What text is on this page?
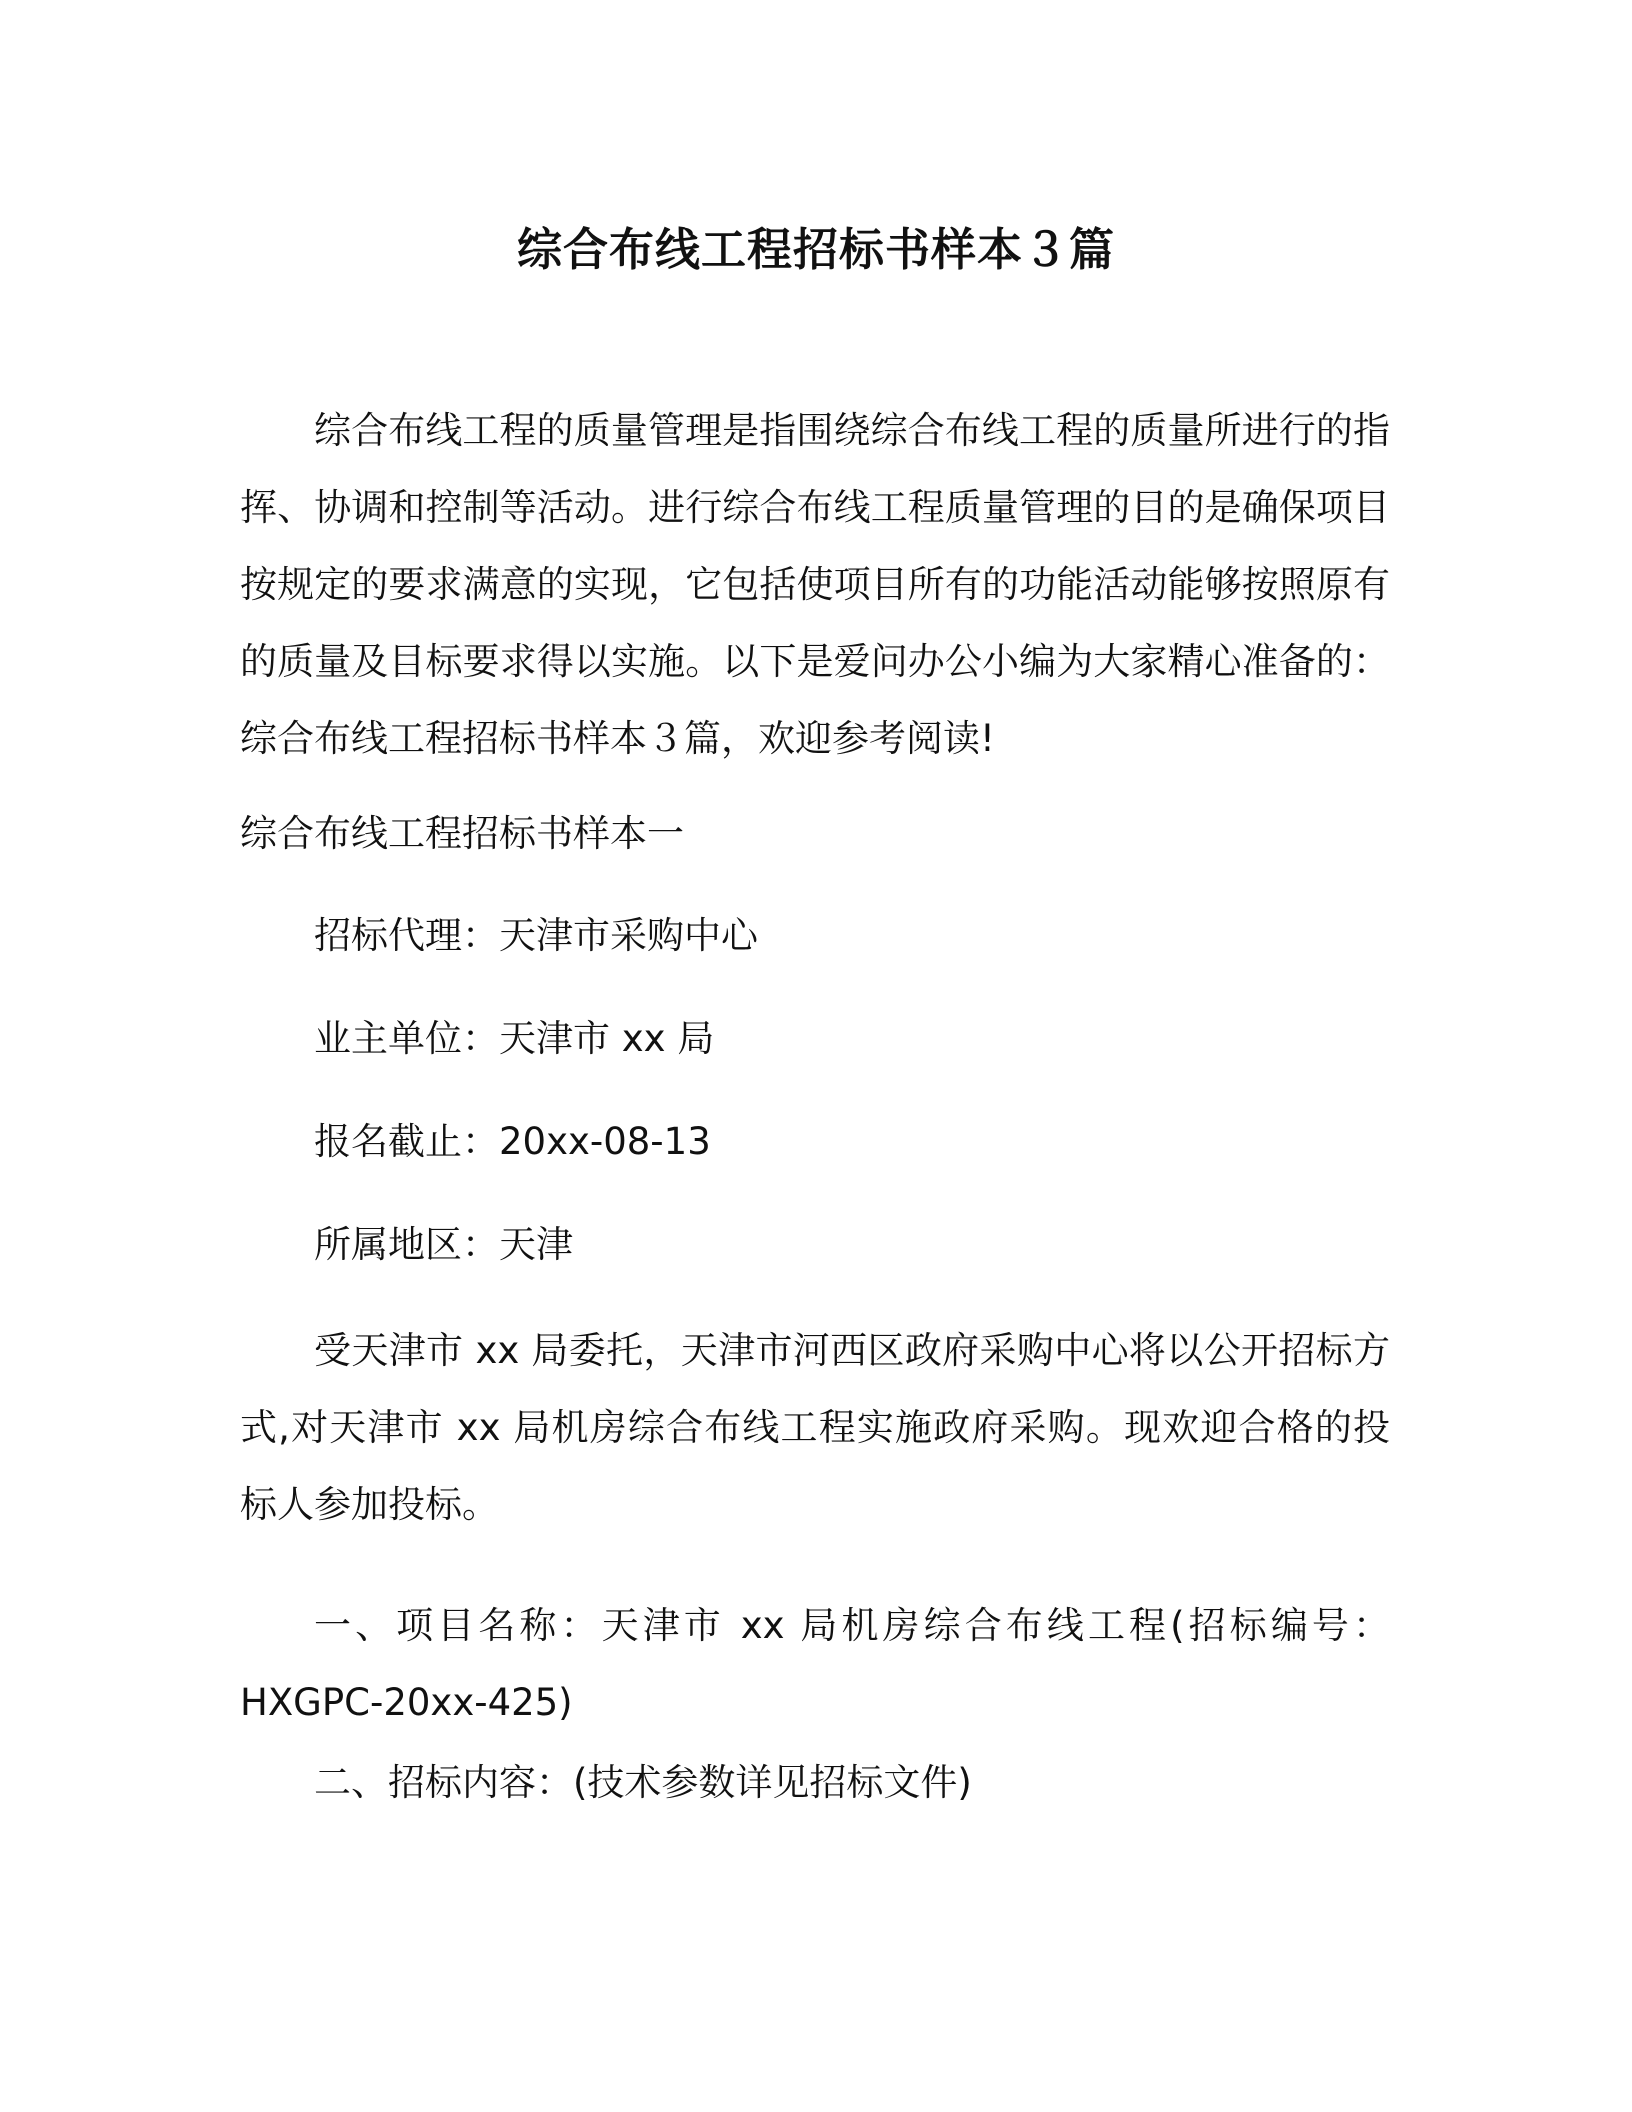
综合布线工程招标书样本３篇

综合布线工程的质量管理是指围绕综合布线工程的质量所进行的指挥、协调和控制等活动。进行综合布线工程质量管理的目的是确保项目按规定的要求满意的实现，它包括使项目所有的功能活动能够按照原有的质量及目标要求得以实施。以下是爱问办公小编为大家精心准备的：综合布线工程招标书样本３篇，欢迎参考阅读!

综合布线工程招标书样本一

招标代理：天津市采购中心

业主单位：天津市 xx 局

报名截止：20xx-08-13

所属地区：天津

受天津市 xx 局委托，天津市河西区政府采购中心将以公开招标方式,对天津市 xx 局机房综合布线工程实施政府采购。现欢迎合格的投标人参加投标。

一、项目名称：天津市 xx 局机房综合布线工程(招标编号：HXGPC-20xx-425)

二、招标内容：(技术参数详见招标文件)
